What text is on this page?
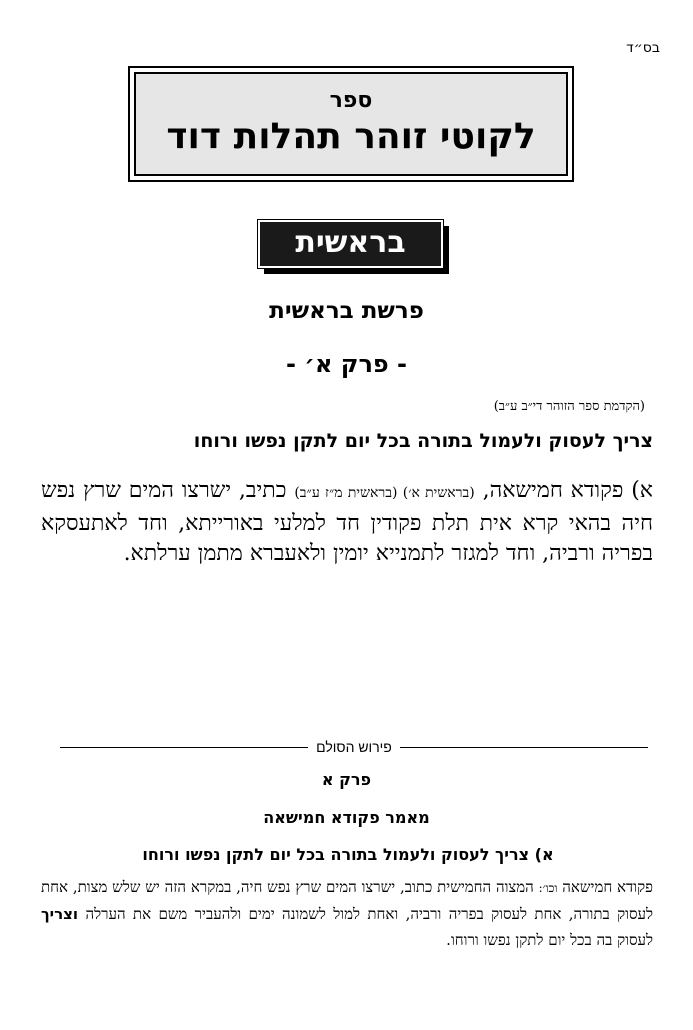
בס״ד
ספר
לקוטי זוהר תהלות דוד
בראשית
פרשת בראשית
- פרק א׳ -
(הקדמת ספר הזוהר די״ב ע״ב)
צריך לעסוק ולעמול בתורה בכל יום לתקן נפשו ורוחו
א) פקודא חמישאה, (בראשית א׳) (בראשית מ״ז ע״ב) כתיב, ישרצו המים שרץ נפש חיה בהאי קרא אית תלת פקודין חד למלעי באורייתא, וחד לאתעסקא בפריה ורביה, וחד למגזר לתמנייא יומין ולאעברא מתמן ערלתא.
פירוש הסולם
פרק א
מאמר פקודא חמישאה
א) צריך לעסוק ולעמול בתורה בכל יום לתקן נפשו ורוחו
פקודא חמישאה וכו׳: המצוה החמישית כתוב, ישרצו המים שרץ נפש חיה, במקרא הזה יש שלש מצות, אחת לעסוק בתורה, אחת לעסוק בפריה ורביה, ואחת למול לשמונה ימים ולהעביר משם את הערלה וצריך לעסוק בה בכל יום לתקן נפשו ורוחו.
